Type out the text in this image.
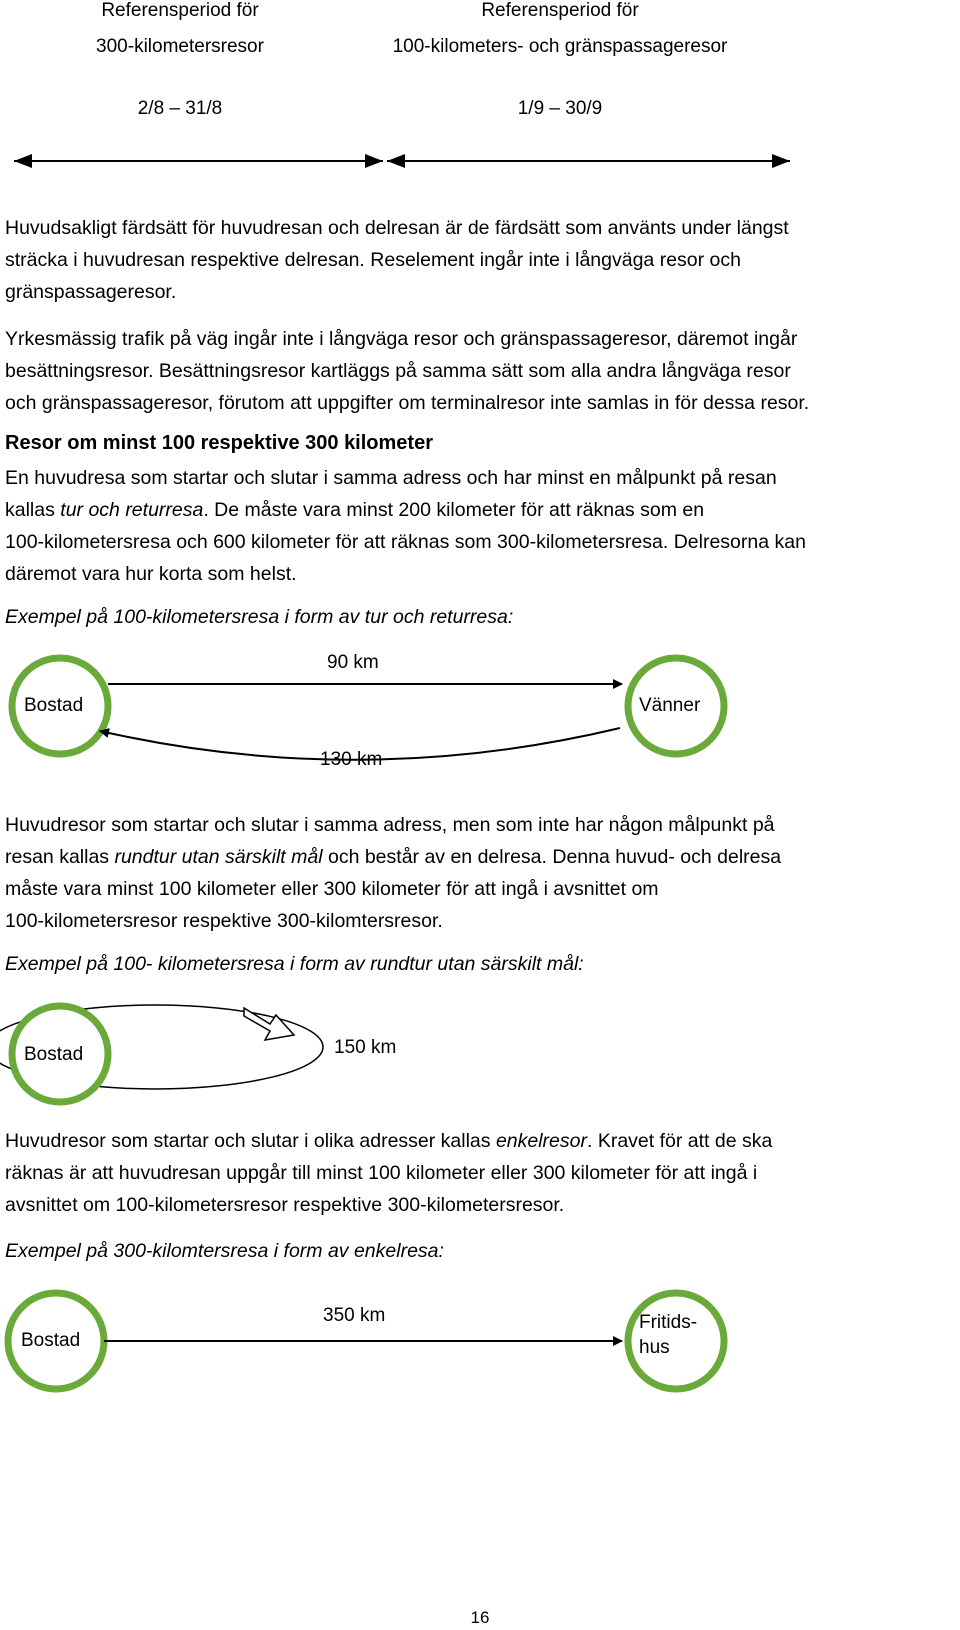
Referensperiod för
300-kilometersresor
Referensperiod för
100-kilometers- och gränspassageresor
2/8 – 31/8	1/9 – 30/9

Huvudsakligt färdsätt för huvudresan och delresan är de färdsätt som använts under längst
sträcka i huvudresan respektive delresan. Reselement ingår inte i långväga resor och
gränspassageresor.

Yrkesmässig trafik på väg ingår inte i långväga resor och gränspassageresor, däremot ingår
besättningsresor. Besättningsresor kartläggs på samma sätt som alla andra långväga resor
och gränspassageresor, förutom att uppgifter om terminalresor inte samlas in för dessa resor.

Resor om minst 100 respektive 300 kilometer

En huvudresa som startar och slutar i samma adress och har minst en målpunkt på resan
kallas tur och returresa. De måste vara minst 200 kilometer för att räknas som en
100-kilometersresa och 600 kilometer för att räknas som 300-kilometersresa. Delresorna kan
däremot vara hur korta som helst.

Exempel på 100-kilometersresa i form av tur och returresa:

90 km
130 km
Bostad	Vänner

Huvudresor som startar och slutar i samma adress, men som inte har någon målpunkt på
resan kallas rundtur utan särskilt mål och består av en delresa. Denna huvud- och delresa
måste vara minst 100 kilometer eller 300 kilometer för att ingå i avsnittet om
100-kilometersresor respektive 300-kilomtersresor.

Exempel på 100- kilometersresa i form av rundtur utan särskilt mål:

150 km
Bostad

Huvudresor som startar och slutar i olika adresser kallas enkelresor. Kravet för att de ska
räknas är att huvudresan uppgår till minst 100 kilometer eller 300 kilometer för att ingå i
avsnittet om 100-kilometersresor respektive 300-kilometersresor.

Exempel på 300-kilomtersresa i form av enkelresa:

350 km
Bostad
Fritids-
hus
16
